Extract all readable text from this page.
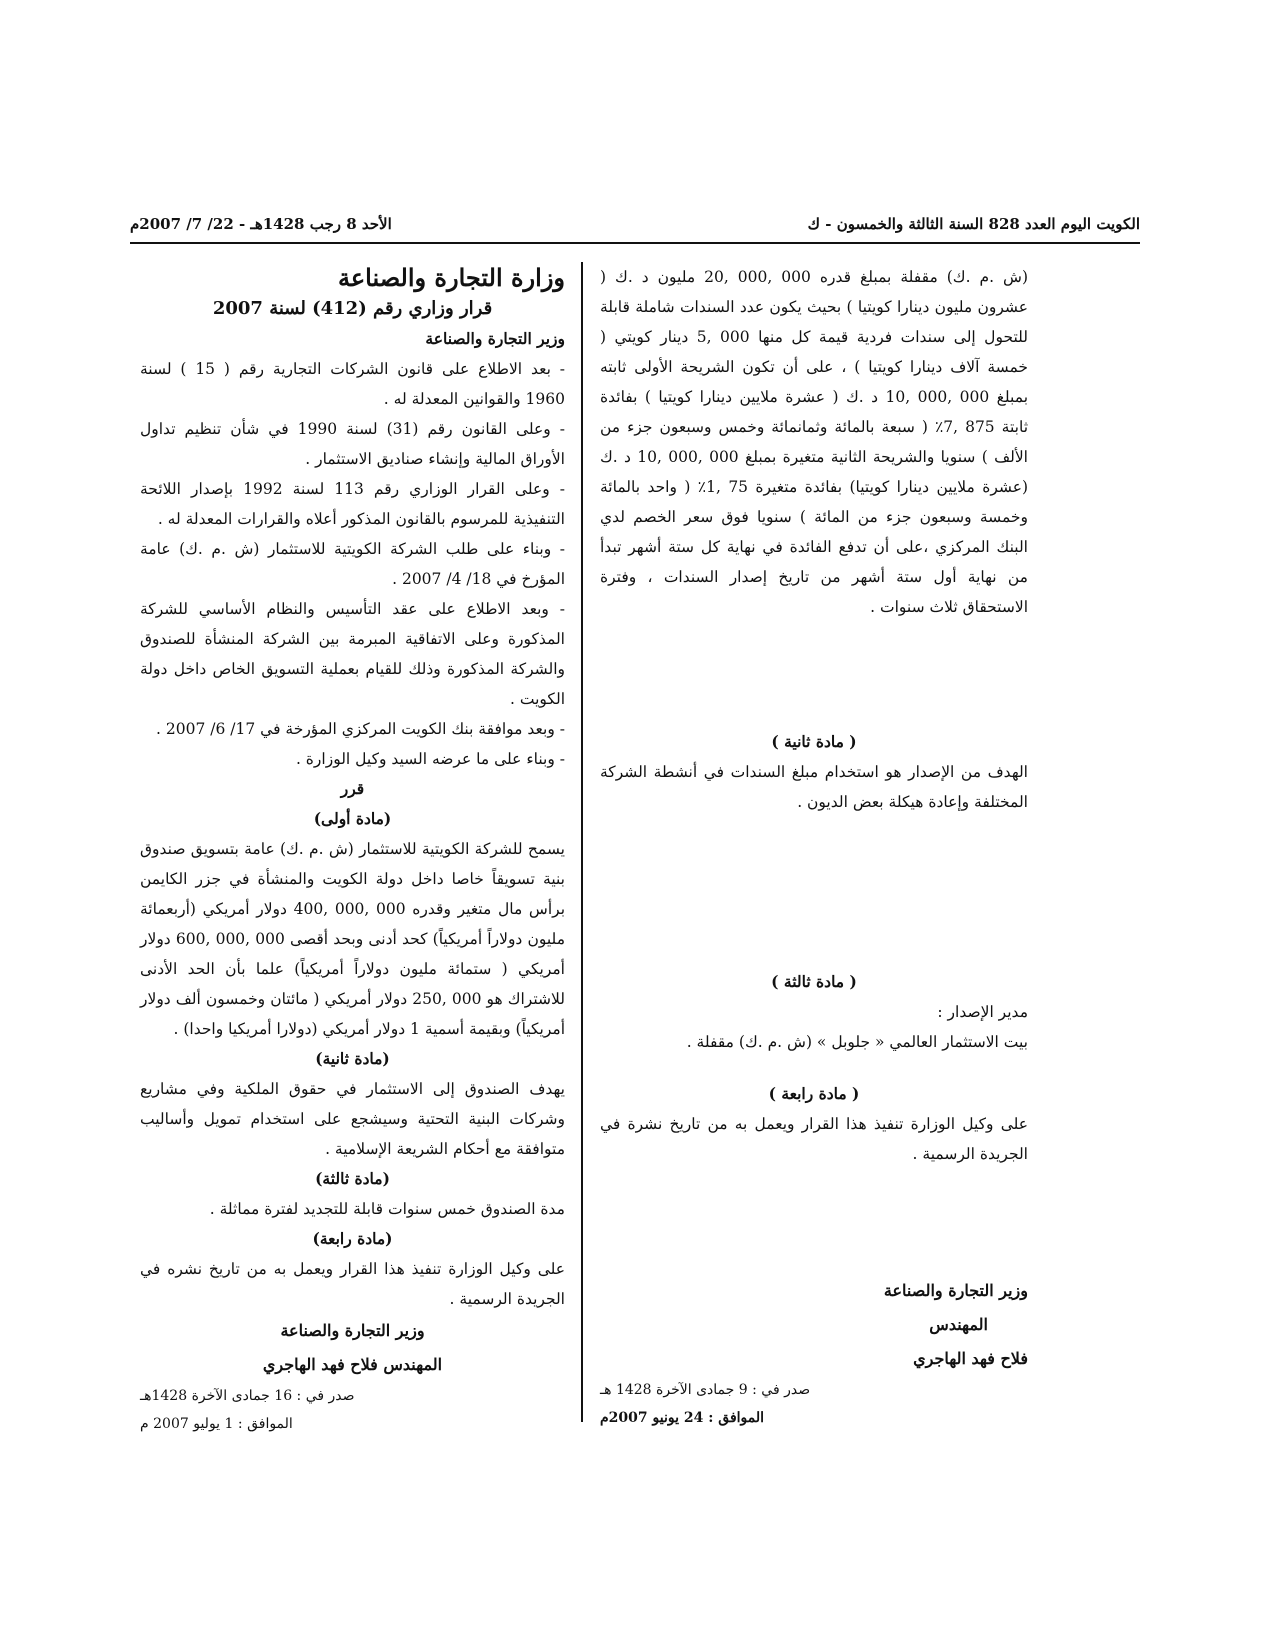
الأحد 8 رجب 1428هـ - 22/ 7/ 2007م	الكويت اليوم العدد 828 السنة الثالثة والخمسون - ك

(ش .م .ك) مقفلة بمبلغ قدره 000 ,000 ,20 مليون د .ك ( عشرون مليون دينارا كويتيا ) بحيث يكون عدد السندات شاملة قابلة للتحول إلى سندات فردية قيمة كل منها 000 ,5 دينار كويتي ( خمسة آلاف دينارا كويتيا ) ، على أن تكون الشريحة الأولى ثابته بمبلغ 000 ,000 ,10 د .ك ( عشرة ملايين دينارا كويتيا ) بفائدة ثابتة 875 ,7٪ ( سبعة بالمائة وثمانمائة وخمس وسبعون جزء من الألف ) سنويا والشريحة الثانية متغيرة بمبلغ 000 ,000 ,10 د .ك (عشرة ملايين دينارا كويتيا) بفائدة متغيرة 75 ,1٪ ( واحد بالمائة وخمسة وسبعون جزء من المائة ) سنويا فوق سعر الخصم لدي البنك المركزي ،على أن تدفع الفائدة في نهاية كل ستة أشهر تبدأ من نهاية أول ستة أشهر من تاريخ إصدار السندات ، وفترة الاستحقاق ثلاث سنوات .

( مادة ثانية )

الهدف من الإصدار هو استخدام مبلغ السندات في أنشطة الشركة المختلفة وإعادة هيكلة بعض الديون .

( مادة ثالثة )

مدير الإصدار :

بيت الاستثمار العالمي « جلوبل » (ش .م .ك) مقفلة .

( مادة رابعة )

على وكيل الوزارة تنفيذ هذا القرار ويعمل به من تاريخ نشرة في الجريدة الرسمية .

وزير التجارة والصناعة

المهندس

فلاح فهد الهاجري

صدر في : 9 جمادى الآخرة 1428 هـ

الموافق : 24 يونيو 2007م

وزارة التجارة والصناعة

قرار وزاري رقم (412) لسنة 2007

وزير التجارة والصناعة

- بعد الاطلاع على قانون الشركات التجارية رقم ( 15 ) لسنة 1960 والقوانين المعدلة له .

- وعلى القانون رقم (31) لسنة 1990 في شأن تنظيم تداول الأوراق المالية وإنشاء صناديق الاستثمار .

- وعلى القرار الوزاري رقم 113 لسنة 1992 بإصدار اللائحة التنفيذية للمرسوم بالقانون المذكور أعلاه والقرارات المعدلة له .

- وبناء على طلب الشركة الكويتية للاستثمار (ش .م .ك) عامة المؤرخ في 18/ 4/ 2007 .

- وبعد الاطلاع على عقد التأسيس والنظام الأساسي للشركة المذكورة وعلى الاتفاقية المبرمة بين الشركة المنشأة للصندوق والشركة المذكورة وذلك للقيام بعملية التسويق الخاص داخل دولة الكويت .

- وبعد موافقة بنك الكويت المركزي المؤرخة في 17/ 6/ 2007 .

- وبناء على ما عرضه السيد وكيل الوزارة .

قرر

(مادة أولى)

يسمح للشركة الكويتية للاستثمار (ش .م .ك) عامة بتسويق صندوق بنية تسويقاً خاصا داخل دولة الكويت والمنشأة في جزر الكايمن برأس مال متغير وقدره 000 ,000 ,400 دولار أمريكي (أربعمائة مليون دولاراً أمريكياً) كحد أدنى وبحد أقصى 000 ,000 ,600 دولار أمريكي ( ستمائة مليون دولاراً أمريكياً) علما بأن الحد الأدنى للاشتراك هو 000 ,250 دولار أمريكي ( مائتان وخمسون ألف دولار أمريكياً) وبقيمة أسمية 1 دولار أمريكي (دولارا أمريكيا واحدا) .

(مادة ثانية)

يهدف الصندوق إلى الاستثمار في حقوق الملكية وفي مشاريع وشركات البنية التحتية وسيشجع على استخدام تمويل وأساليب متوافقة مع أحكام الشريعة الإسلامية .

(مادة ثالثة)

مدة الصندوق خمس سنوات قابلة للتجديد لفترة مماثلة .

(مادة رابعة)

على وكيل الوزارة تنفيذ هذا القرار ويعمل به من تاريخ نشره في الجريدة الرسمية .

وزير التجارة والصناعة

المهندس فلاح فهد الهاجري

صدر في : 16 جمادى الآخرة 1428هـ

الموافق : 1 يوليو 2007 م
